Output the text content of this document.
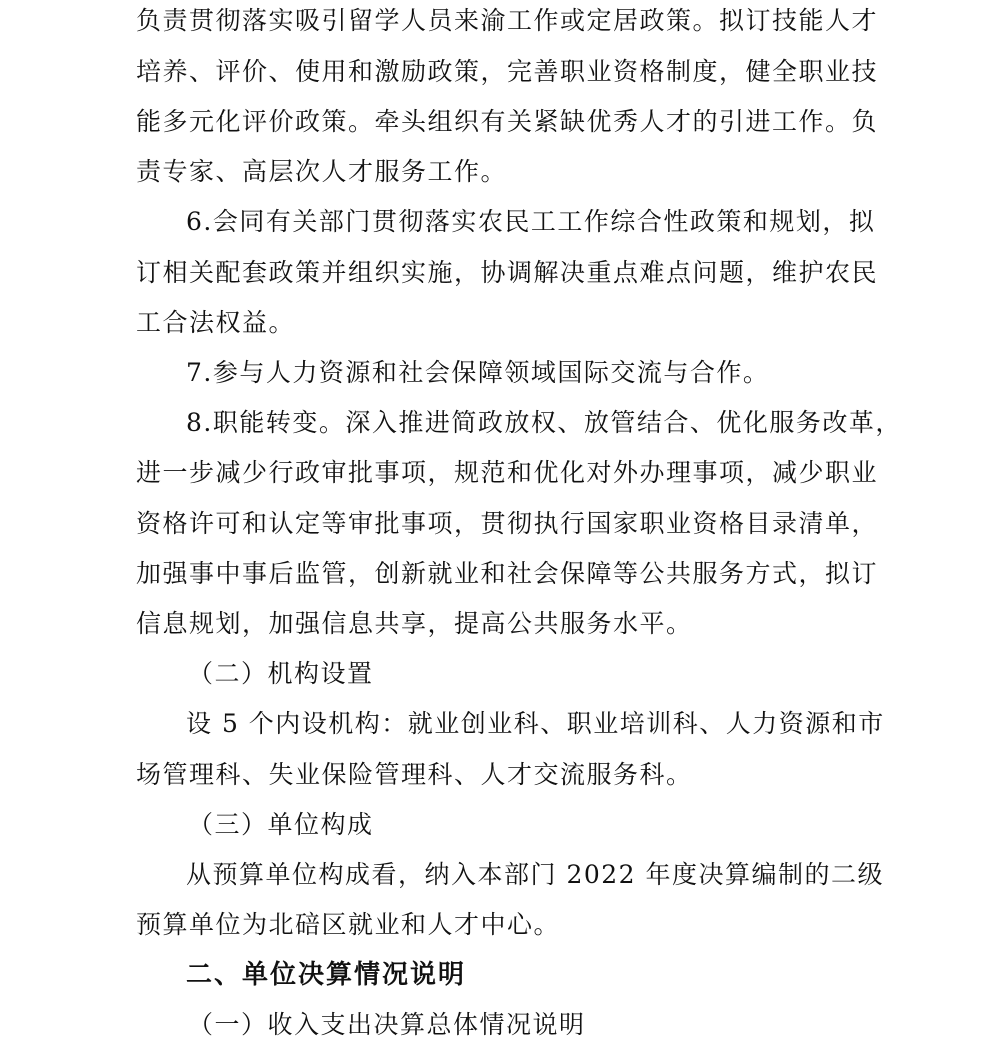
负责贯彻落实吸引留学人员来渝工作或定居政策。拟订技能人才
培养、评价、使用和激励政策，完善职业资格制度，健全职业技
能多元化评价政策。牵头组织有关紧缺优秀人才的引进工作。负
责专家、高层次人才服务工作。
6.会同有关部门贯彻落实农民工工作综合性政策和规划，拟
订相关配套政策并组织实施，协调解决重点难点问题，维护农民
工合法权益。
7.参与人力资源和社会保障领域国际交流与合作。
8.职能转变。深入推进简政放权、放管结合、优化服务改革，
进一步减少行政审批事项，规范和优化对外办理事项，减少职业
资格许可和认定等审批事项，贯彻执行国家职业资格目录清单，
加强事中事后监管，创新就业和社会保障等公共服务方式，拟订
信息规划，加强信息共享，提高公共服务水平。
（二）机构设置
设 5 个内设机构：就业创业科、职业培训科、人力资源和市
场管理科、失业保险管理科、人才交流服务科。
（三）单位构成
从预算单位构成看，纳入本部门 2022 年度决算编制的二级
预算单位为北碚区就业和人才中心。
二、单位决算情况说明
（一）收入支出决算总体情况说明
